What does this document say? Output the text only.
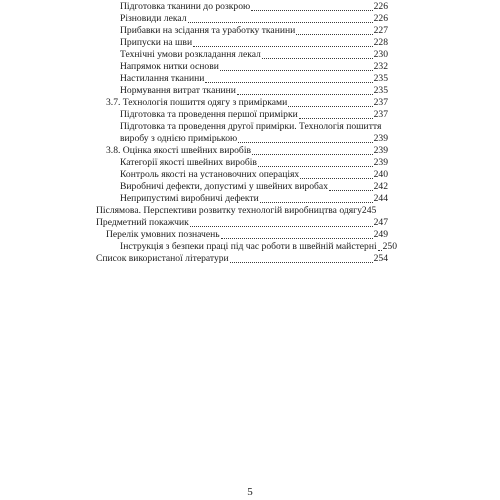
Підготовка тканини до розкрою	226
Різновиди лекал	226
Прибавки на зсідання та уработку тканини	227
Припуски на шви	228
Технічні умови розкладання лекал	230
Напрямок нитки основи	232
Настилання тканини	235
Нормування витрат тканини	235
3.7. Технологія пошиття одягу з примірками	237
Підготовка та проведення першої примірки	237
Підготовка та проведення другої примірки. Технологія пошиття
виробу з однією примірькою	239
3.8. Оцінка якості швейних виробів	239
Категорії якості швейних виробів	239
Контроль якості на установочних операціях	240
Виробничі дефекти, допустимі у швейних виробах	242
Неприпустимі виробничі дефекти	244
Післямова. Перспективи розвитку технологій виробництва одягу245
Предметний покажчик	247
Перелік умовних позначень	249
Інструкція з безпеки праці під час роботи в швейній майстерні 250
Список використаної літератури	254
5
